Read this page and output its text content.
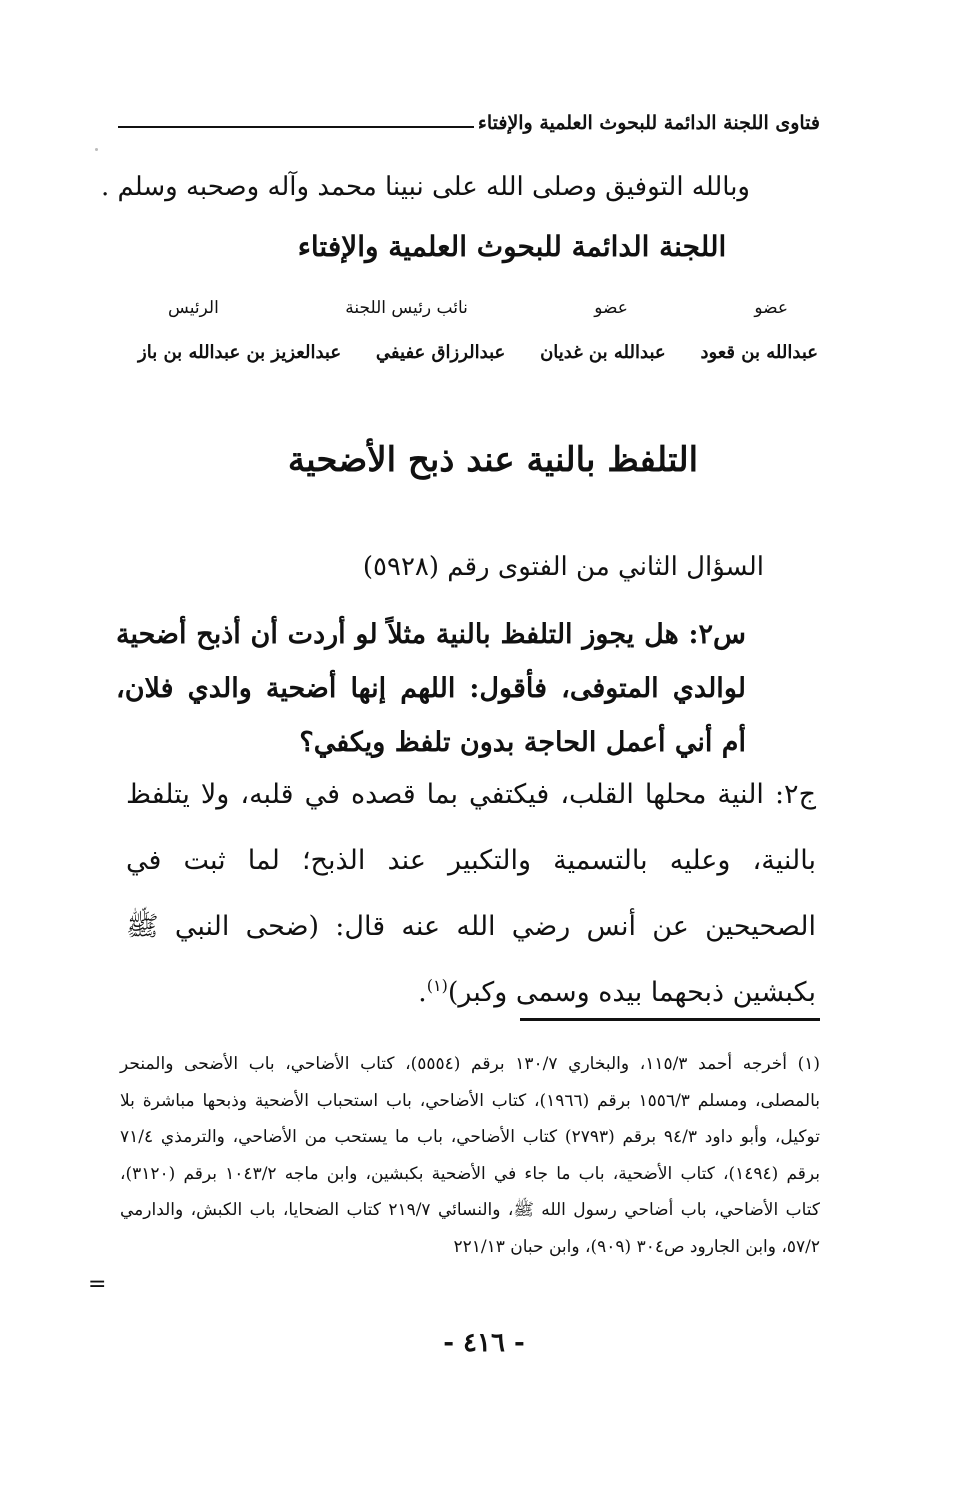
فتاوى اللجنة الدائمة للبحوث العلمية والإفتاء
وبالله التوفيق وصلى الله على نبينا محمد وآله وصحبه وسلم .
اللجنة الدائمة للبحوث العلمية والإفتاء
عضو
عضو
نائب رئيس اللجنة
الرئيس
عبدالله بن قعود
عبدالله بن غديان
عبدالرزاق عفيفي
عبدالعزيز بن عبدالله بن باز
التلفظ بالنية عند ذبح الأضحية
السؤال الثاني من الفتوى رقم (٥٩٢٨)
س٢: هل يجوز التلفظ بالنية مثلاً لو أردت أن أذبح أضحية لوالدي المتوفى، فأقول: اللهم إنها أضحية والدي فلان، أم أني أعمل الحاجة بدون تلفظ ويكفي؟
ج٢: النية محلها القلب، فيكتفي بما قصده في قلبه، ولا يتلفظ بالنية، وعليه بالتسمية والتكبير عند الذبح؛ لما ثبت في الصحيحين عن أنس رضي الله عنه قال: (ضحى النبي ﷺ بكبشين ذبحهما بيده وسمى وكبر)$^{(١)}$.
(١) أخرجه أحمد ١١٥/٣، والبخاري ١٣٠/٧ برقم (٥٥٥٤)، كتاب الأضاحي، باب الأضحى والمنحر بالمصلى، ومسلم ١٥٥٦/٣ برقم (١٩٦٦)، كتاب الأضاحي، باب استحباب الأضحية وذبحها مباشرة بلا توكيل، وأبو داود ٩٤/٣ برقم (٢٧٩٣) كتاب الأضاحي، باب ما يستحب من الأضاحي، والترمذي ٧١/٤ برقم (١٤٩٤)، كتاب الأضحية، باب ما جاء في الأضحية بكبشين، وابن ماجه ١٠٤٣/٢ برقم (٣١٢٠)، كتاب الأضاحي، باب أضاحي رسول الله ﷺ، والنسائي ٢١٩/٧ كتاب الضحايا، باب الكبش، والدارمي ٥٧/٢، وابن الجارود ص٣٠٤ (٩٠٩)، وابن حبان ٢٢١/١٣
=
- ٤١٦ -
